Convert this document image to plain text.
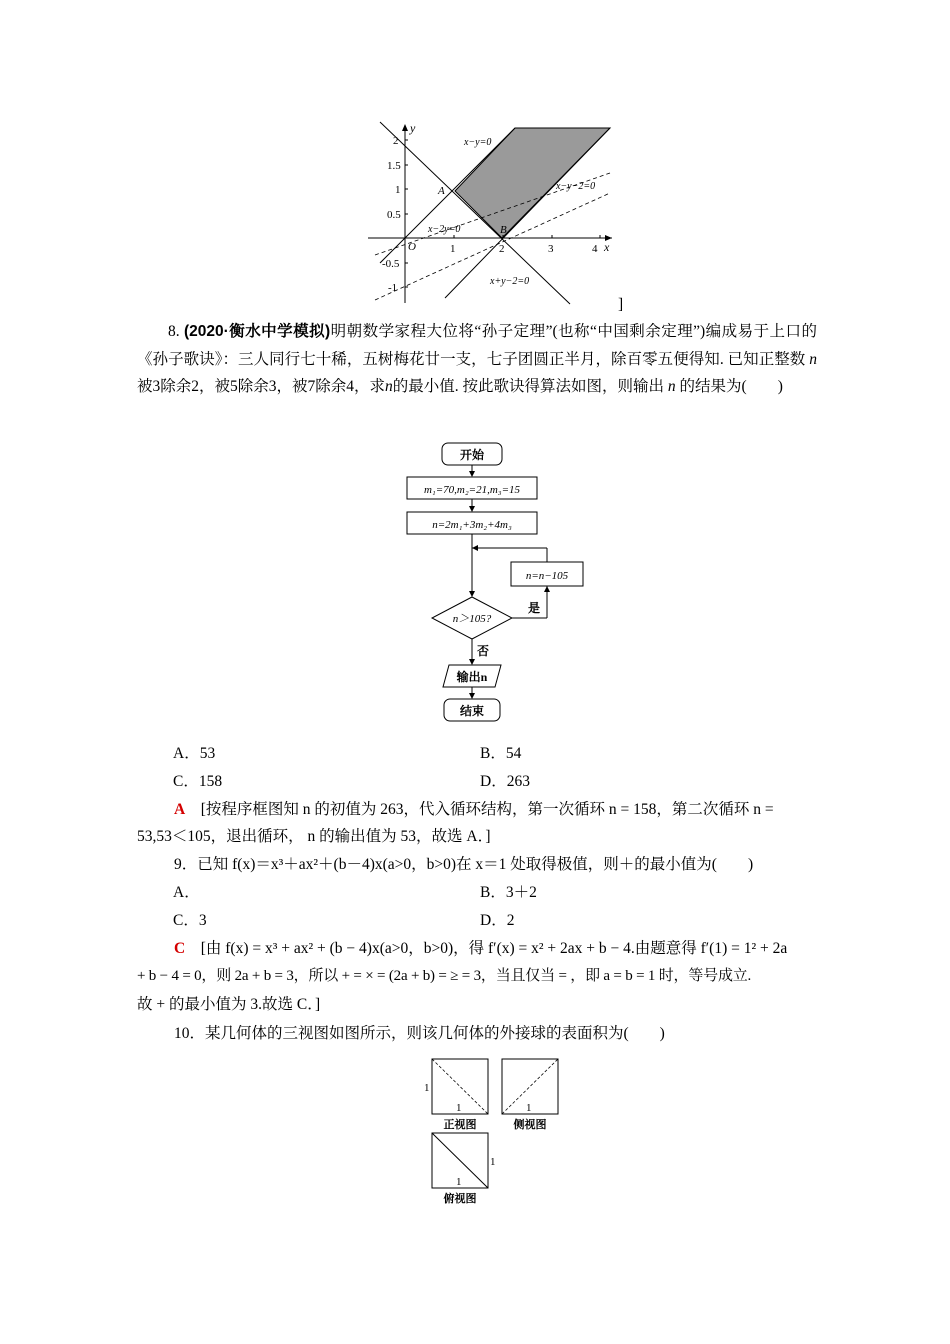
y
x
O	1	2	3	4
2
1.5
1
0.5
-0.5
-1
A
B
x−y=0
x−y−2=0
x−2y=0
x+y−2=0
]
8. (2020·衡水中学模拟)明朝数学家程大位将“孙子定理”(也称“中国剩余定理”)编成易于上口的《孙子歌诀》：三人同行七十稀，五树梅花廿一支，七子团圆正半月，除百零五便得知. 已知正整数 n 被3除余2，被5除余3，被7除余4，求n的最小值. 按此歌诀得算法如图，则输出 n 的结果为(　　)
开始
m₁=70,m₂=21,m₃=15
n=2m₁+3m₂+4m₃
n=n−105
n＞105?
是
否
输出n
结束
A．53	B．54
C．158	D．263
A　 [按程序框图知 n 的初值为 263，代入循环结构，第一次循环 n = 158，第二次循环 n =
53,53＜105，退出循环， n 的输出值为 53，故选 A．]
9．已知 f(x)＝x³＋ax²＋(b－4)x(a>0，b>0)在 x＝1 处取得极值，则＋的最小值为(　　)
A．	B．3＋2
C．3	D．2
C　 [由 f(x) = x³ + ax² + (b − 4)x(a>0，b>0)，得 f′(x) = x² + 2ax + b − 4.由题意得 f′(1) = 1² + 2a
+ b − 4 = 0，则 2a + b = 3，所以 + = × = (2a + b) = ≥ = 3，当且仅当 = ，即 a = b = 1 时，等号成立.
故 + 的最小值为 3.故选 C．]
10．某几何体的三视图如图所示，则该几何体的外接球的表面积为(　　)
1
1
正视图
1
侧视图
1
1
俯视图
